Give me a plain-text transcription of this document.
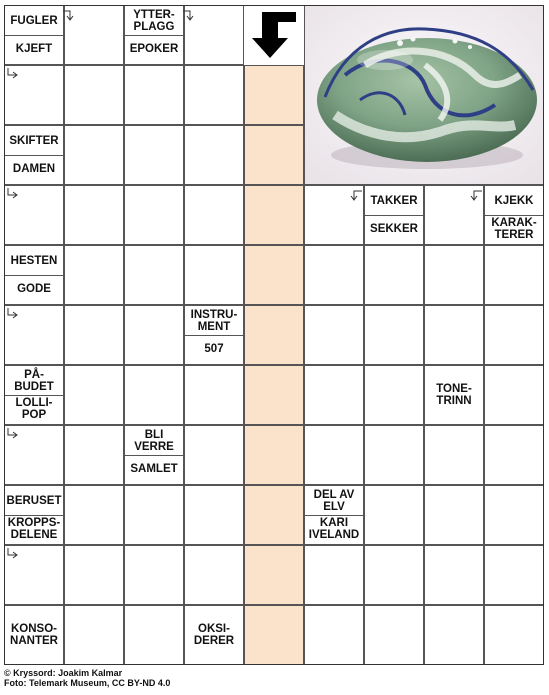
FUGLER
KJEFT
YTTER-
PLAGG
EPOKER
SKIFTER
DAMEN
TAKKER
SEKKER
KJEKK
KARAK-
TERER
HESTEN
GODE
INSTRU-
MENT
507
PÅ-
BUDET
LOLLI-
POP
TONE-
TRINN
BLI
VERRE
SAMLET
BERUSET
KROPPS-
DELENE
DEL AV
ELV
KARI
IVELAND
KONSO-
NANTER
OKSI-
DERER
© Kryssord: Joakim Kalmar
Foto: Telemark Museum, CC BY-ND 4.0
